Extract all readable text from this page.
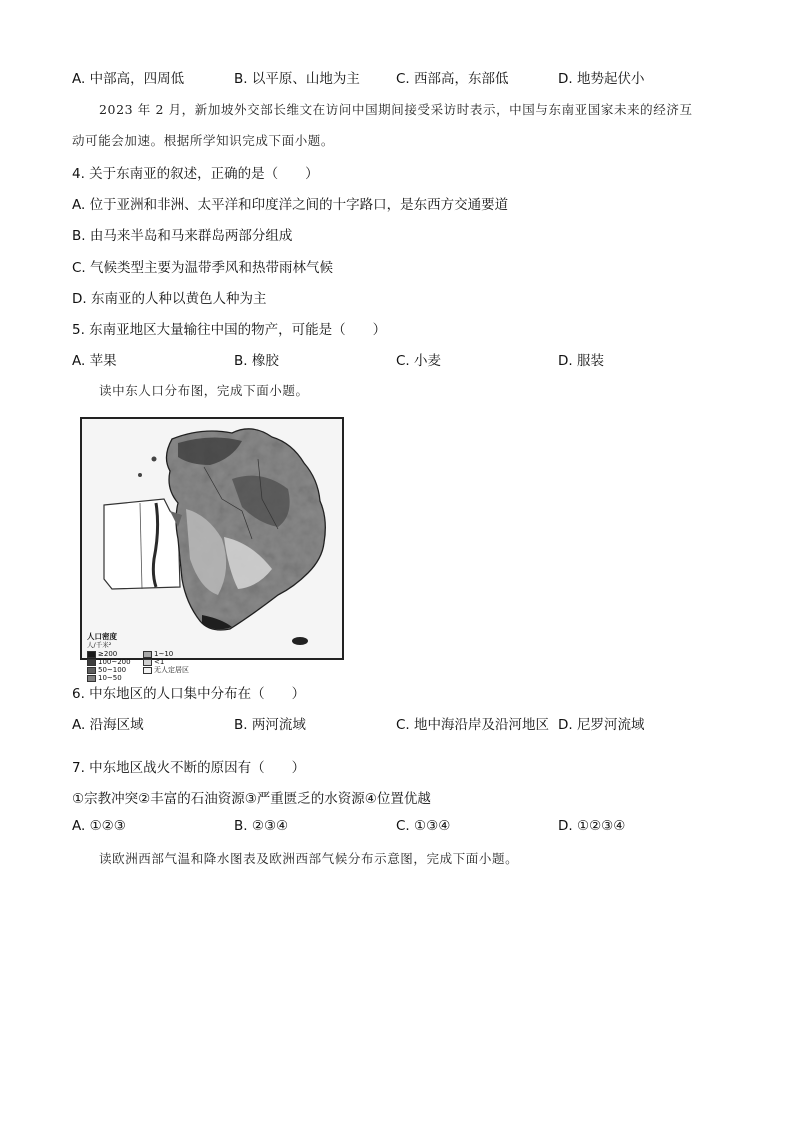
A. 中部高，四周低	B. 以平原、山地为主	C. 西部高，东部低	D. 地势起伏小
2023 年 2 月，新加坡外交部长维文在访问中国期间接受采访时表示，中国与东南亚国家未来的经济互
动可能会加速。根据所学知识完成下面小题。
4. 关于东南亚的叙述，正确的是（　　）
A. 位于亚洲和非洲、太平洋和印度洋之间的十字路口，是东西方交通要道
B. 由马来半岛和马来群岛两部分组成
C. 气候类型主要为温带季风和热带雨林气候
D. 东南亚的人种以黄色人种为主
5. 东南亚地区大量输往中国的物产，可能是（　　）
A. 苹果	B. 橡胶	C. 小麦	D. 服装
读中东人口分布图，完成下面小题。
人口密度
人/千米²
≥200
100~200
50~100
10~50
1~10
<1
无人定居区
6. 中东地区的人口集中分布在（　　）
A. 沿海区域	B. 两河流域	C. 地中海沿岸及沿河地区 D. 尼罗河流域
7. 中东地区战火不断的原因有（　　）
①宗教冲突②丰富的石油资源③严重匮乏的水资源④位置优越
A. ①②③	B. ②③④	C. ①③④	D. ①②③④
读欧洲西部气温和降水图表及欧洲西部气候分布示意图，完成下面小题。
